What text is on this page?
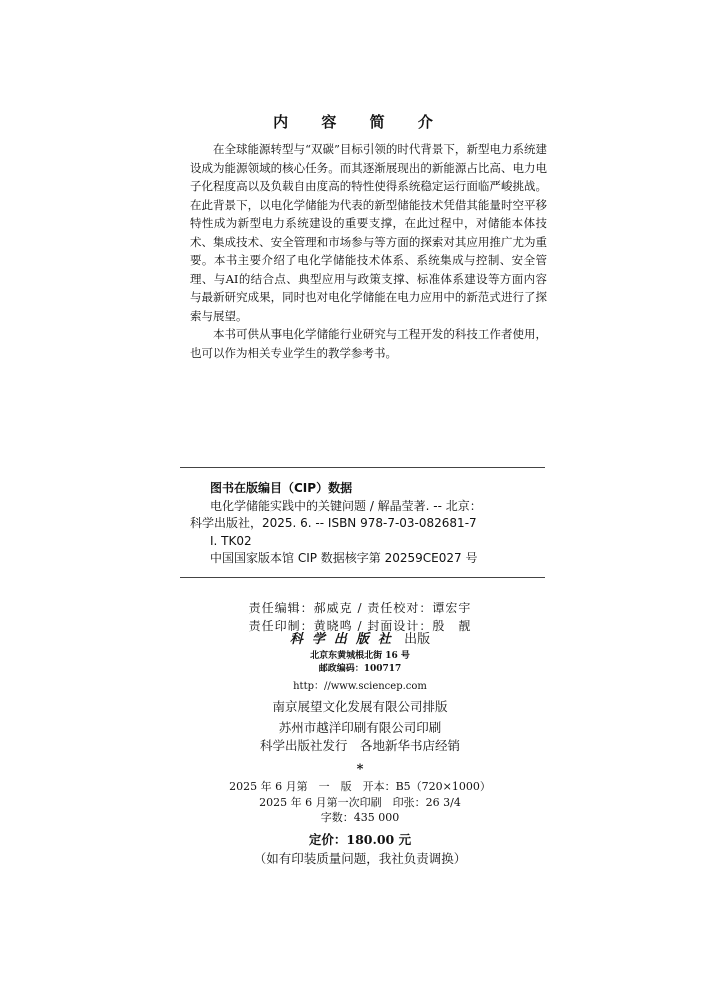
内 容 简 介

在全球能源转型与“双碳”目标引领的时代背景下，新型电力系统建设成为能源领域的核心任务。而其逐渐展现出的新能源占比高、电力电子化程度高以及负载自由度高的特性使得系统稳定运行面临严峻挑战。在此背景下，以电化学储能为代表的新型储能技术凭借其能量时空平移特性成为新型电力系统建设的重要支撑，在此过程中，对储能本体技术、集成技术、安全管理和市场参与等方面的探索对其应用推广尤为重要。本书主要介绍了电化学储能技术体系、系统集成与控制、安全管理、与AI的结合点、典型应用与政策支撑、标准体系建设等方面内容与最新研究成果，同时也对电化学储能在电力应用中的新范式进行了探索与展望。

本书可供从事电化学储能行业研究与工程开发的科技工作者使用，也可以作为相关专业学生的教学参考书。

图书在版编目（CIP）数据
电化学储能实践中的关键问题 / 解晶莹著. -- 北京：
科学出版社，2025. 6. -- ISBN 978-7-03-082681-7
Ⅰ. TK02
中国国家版本馆 CIP 数据核字第 20259CE027 号
责任编辑：郝威克 / 责任校对：谭宏宇
责任印制：黄晓鸣 / 封面设计：殷　靓
科学出版社 出版
北京东黄城根北街 16 号
邮政编码：100717
http：//www.sciencep.com
南京展望文化发展有限公司排版
苏州市越洋印刷有限公司印刷
科学出版社发行　各地新华书店经销
*
2025 年 6 月第　一　版　开本：B5（720×1000）
2025 年 6 月第一次印刷　印张：26 3/4
字数：435 000
定价：180.00 元
（如有印装质量问题，我社负责调换）
